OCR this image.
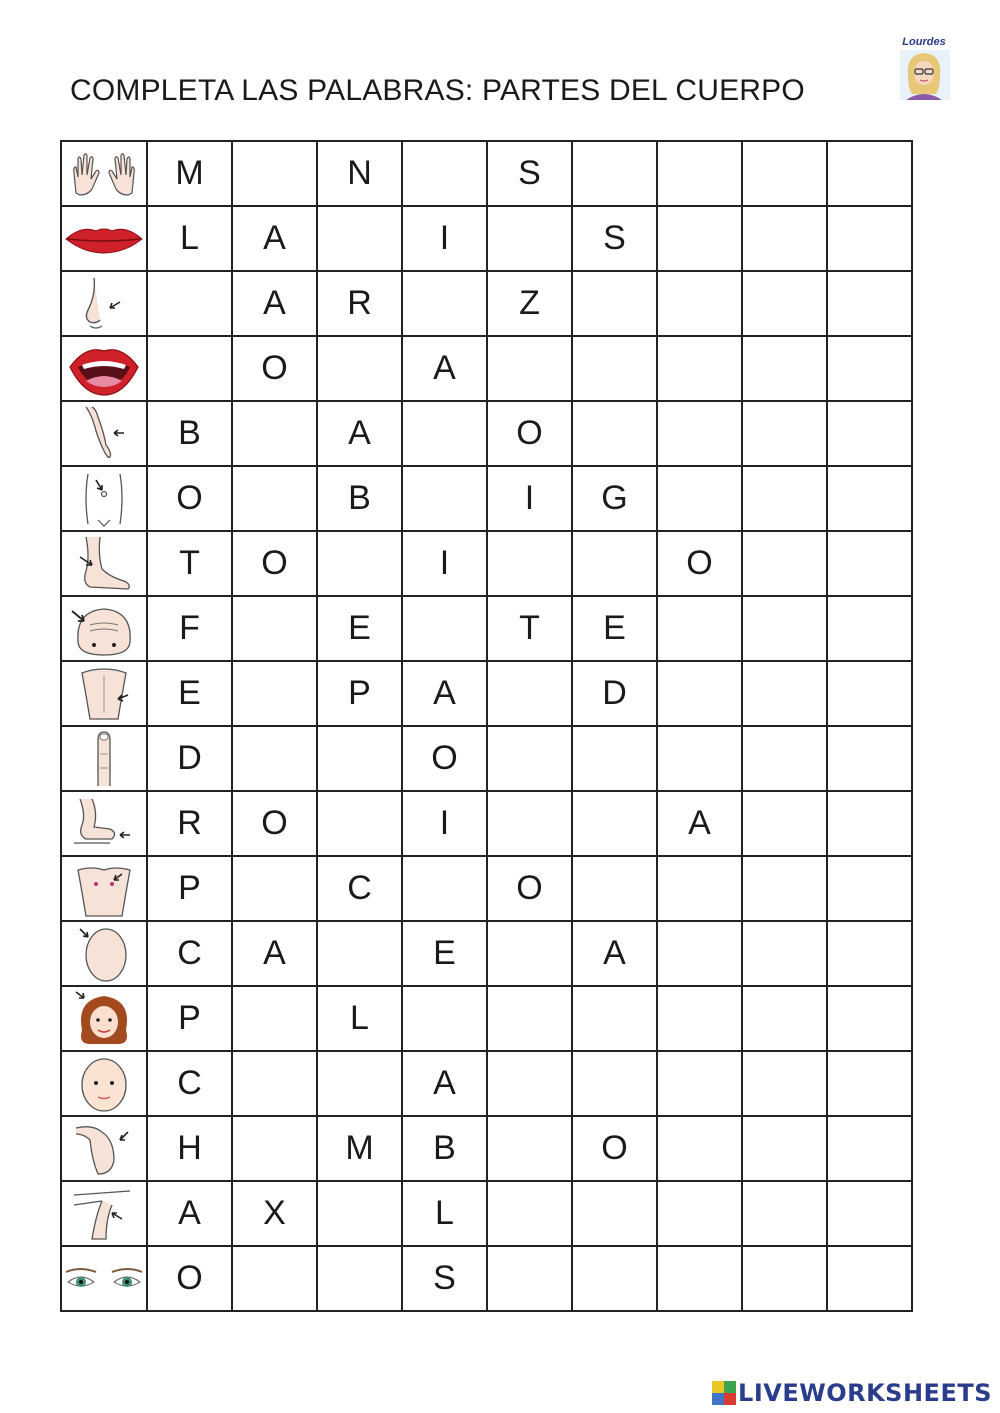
COMPLETA LAS PALABRAS: PARTES DEL CUERPO
Lourdes
	M		N		S				

	L	A		I		S			

		A	R		Z				

		O		A					

	B		A		O				

	O		B		I	G			

	T	O		I			O		

	F		E		T	E			

	E		P	A		D			

	D			O					

	R	O		I			A		

	P		C		O				

	C	A		E		A			

	P		L						

	C			A					

	H		M	B		O			

	A	X		L					

	O			S					
LIVEWORKSHEETS
